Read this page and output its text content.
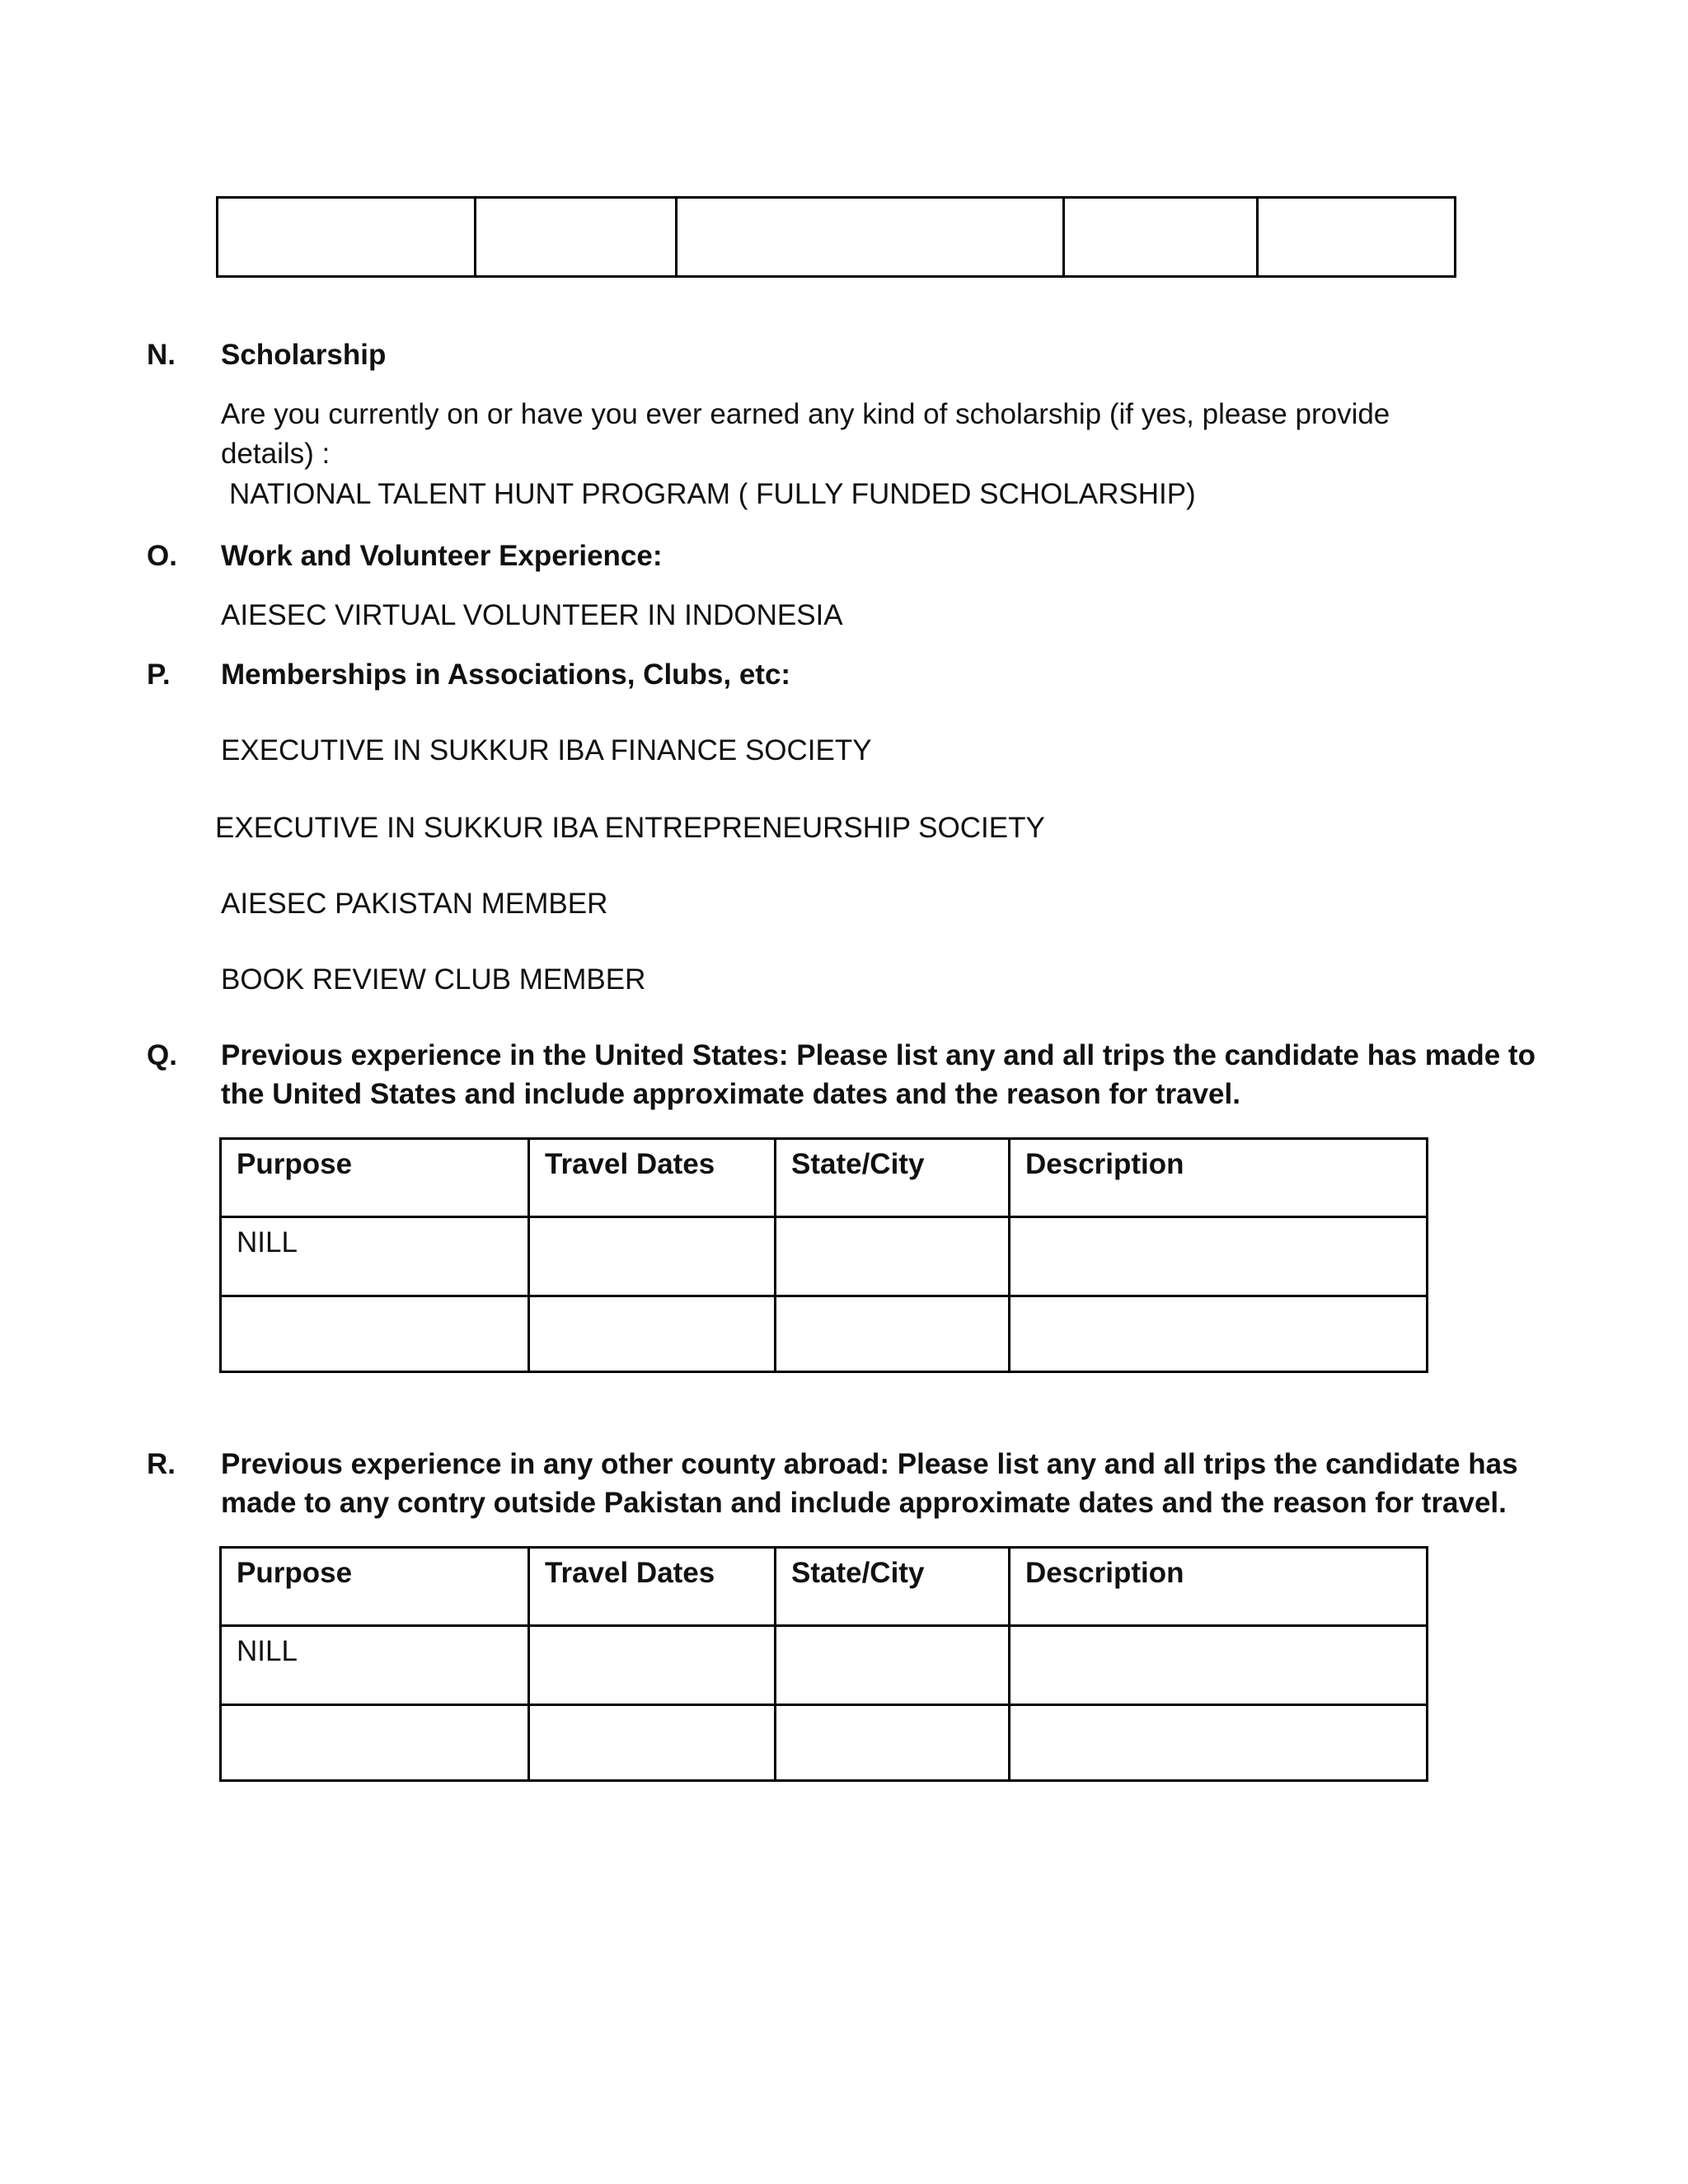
N. Scholarship
Are you currently on or have you ever earned any kind of scholarship (if yes, please provide
details) :
NATIONAL TALENT HUNT PROGRAM ( FULLY FUNDED SCHOLARSHIP)
O. Work and Volunteer Experience:
AIESEC VIRTUAL VOLUNTEER IN INDONESIA
P. Memberships in Associations, Clubs, etc:
EXECUTIVE IN SUKKUR IBA FINANCE SOCIETY
EXECUTIVE IN SUKKUR IBA ENTREPRENEURSHIP SOCIETY
AIESEC PAKISTAN MEMBER
BOOK REVIEW CLUB MEMBER
Q. Previous experience in the United States: Please list any and all trips the candidate has made to
the United States and include approximate dates and the reason for travel.
Purpose	Travel Dates	State/City	Description
NILL			

R. Previous experience in any other county abroad: Please list any and all trips the candidate has
made to any contry outside Pakistan and include approximate dates and the reason for travel.
Purpose	Travel Dates	State/City	Description
NILL			
